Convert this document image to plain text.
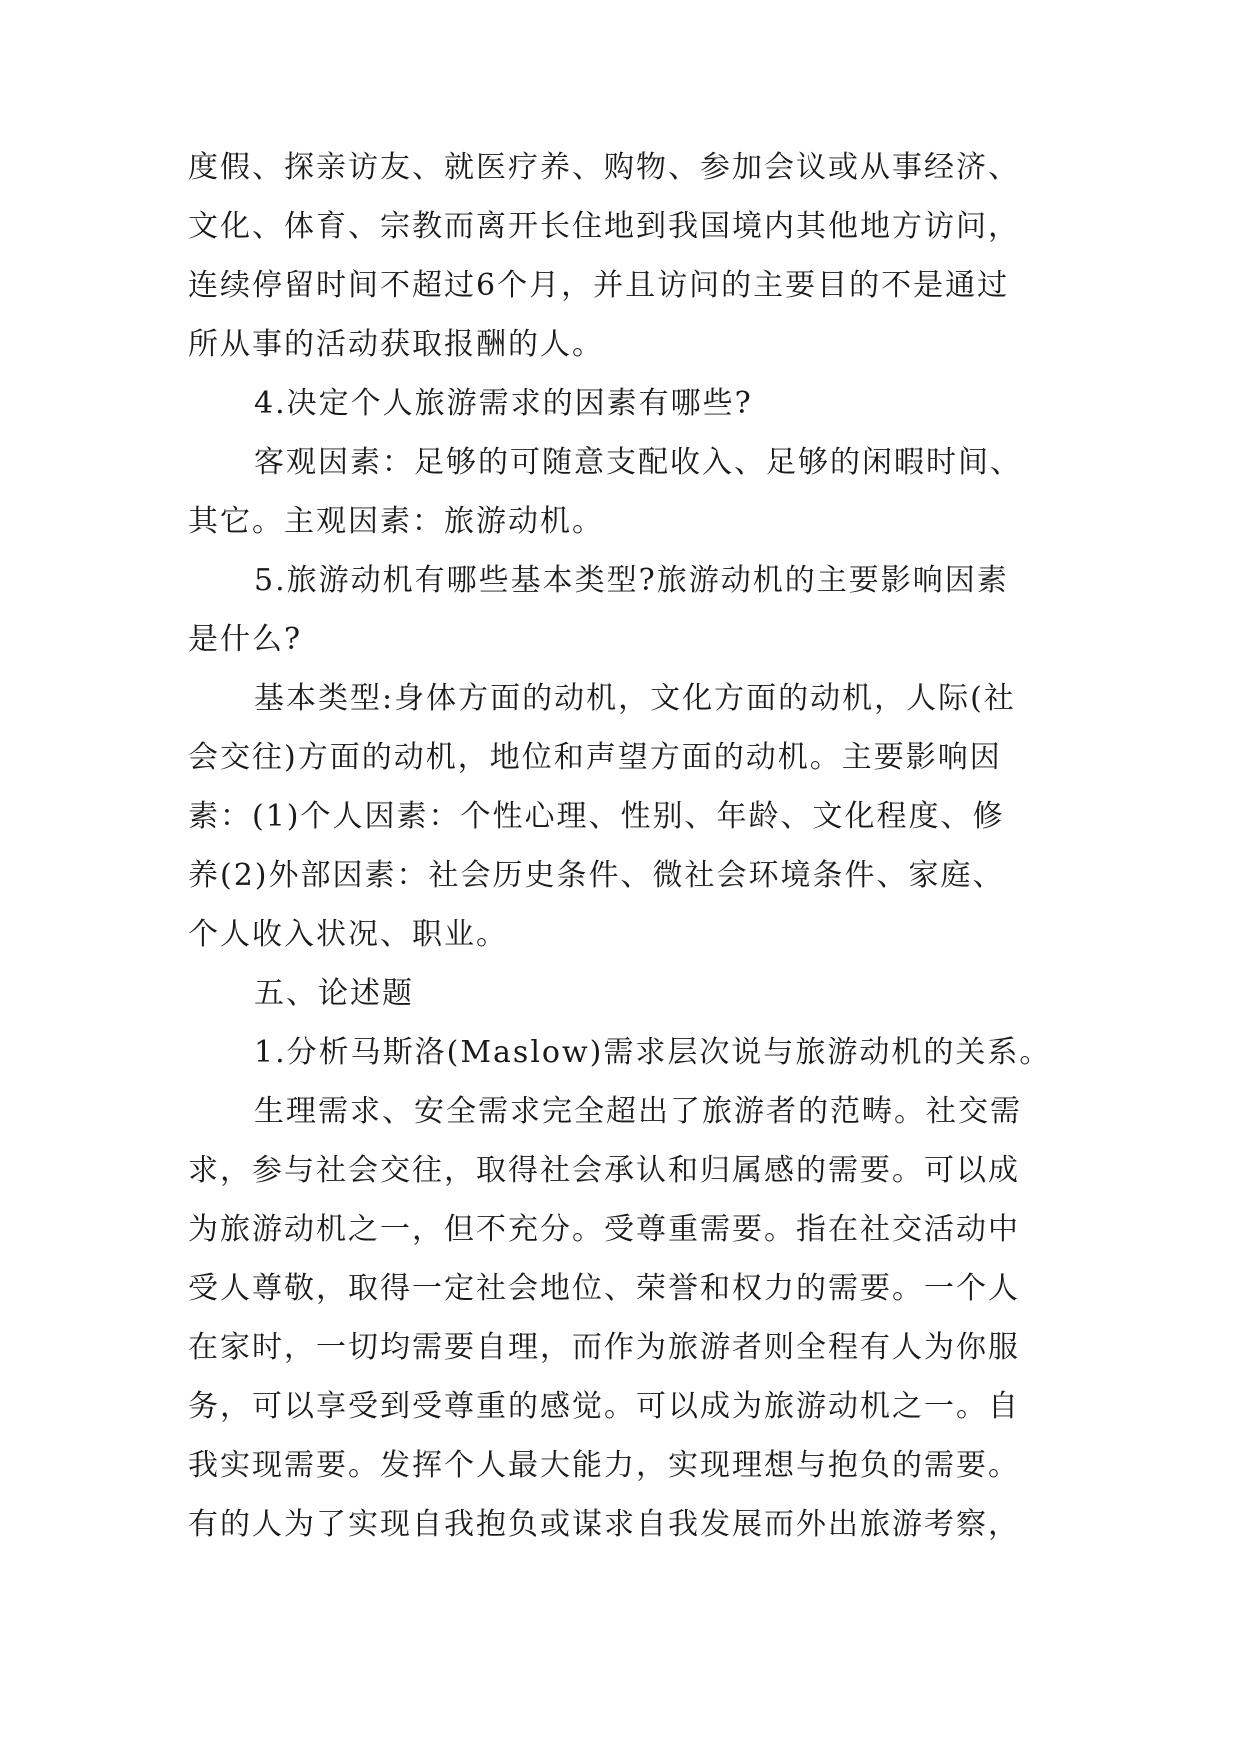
度假、探亲访友、就医疗养、购物、参加会议或从事经济、
文化、体育、宗教而离开长住地到我国境内其他地方访问，
连续停留时间不超过6个月，并且访问的主要目的不是通过
所从事的活动获取报酬的人。
4.决定个人旅游需求的因素有哪些?
客观因素：足够的可随意支配收入、足够的闲暇时间、
其它。主观因素：旅游动机。
5.旅游动机有哪些基本类型?旅游动机的主要影响因素
是什么?
基本类型:身体方面的动机，文化方面的动机，人际(社
会交往)方面的动机，地位和声望方面的动机。主要影响因
素：(1)个人因素：个性心理、性别、年龄、文化程度、修
养(2)外部因素：社会历史条件、微社会环境条件、家庭、
个人收入状况、职业。
五、论述题
1.分析马斯洛(Maslow)需求层次说与旅游动机的关系。
生理需求、安全需求完全超出了旅游者的范畴。社交需
求，参与社会交往，取得社会承认和归属感的需要。可以成
为旅游动机之一，但不充分。受尊重需要。指在社交活动中
受人尊敬，取得一定社会地位、荣誉和权力的需要。一个人
在家时，一切均需要自理，而作为旅游者则全程有人为你服
务，可以享受到受尊重的感觉。可以成为旅游动机之一。自
我实现需要。发挥个人最大能力，实现理想与抱负的需要。
有的人为了实现自我抱负或谋求自我发展而外出旅游考察，
